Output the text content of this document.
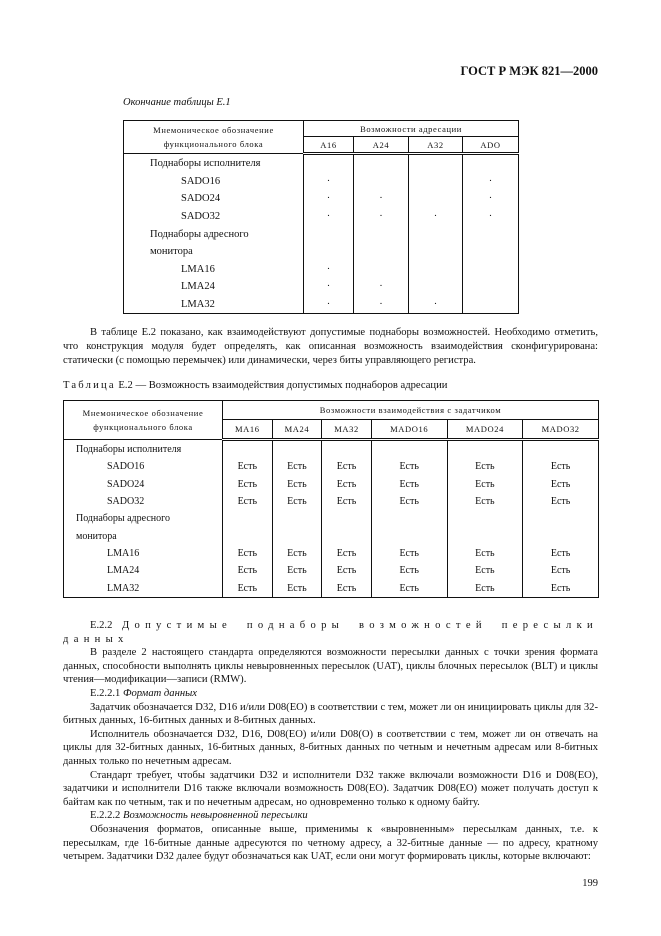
ГОСТ Р МЭК 821—2000
Окончание таблицы Е.1
Мнемоническое обозначение функционального блока	Возможности адресации			
	A16	A24	A32	ADO
Поднаборы исполнителя				
SADO16	·			·
SADO24	·	·		·
SADO32	·	·	·	·
Поднаборы адресного				
монитора				
LMA16	·			
LMA24	·	·		
LMA32	·	·	·	
В таблице Е.2 показано, как взаимодействуют допустимые поднаборы возможностей. Необходимо отметить, что конструкция модуля будет определять, как описанная возможность взаимодействия сконфигурирована: статически (с помощью перемычек) или динамически, через биты управляющего регистра.
Таблица Е.2 — Возможность взаимодействия допустимых поднаборов адресации
Мнемоническое обозначение функционального блока	Возможности взаимодействия с задатчиком					
	MA16	MA24	MA32	MADO16	MADO24	MADO32
Поднаборы исполнителя						
SADO16	Есть	Есть	Есть	Есть	Есть	Есть
SADO24	Есть	Есть	Есть	Есть	Есть	Есть
SADO32	Есть	Есть	Есть	Есть	Есть	Есть
Поднаборы адресного						
монитора						
LMA16	Есть	Есть	Есть	Есть	Есть	Есть
LMA24	Есть	Есть	Есть	Есть	Есть	Есть
LMA32	Есть	Есть	Есть	Есть	Есть	Есть
Е.2.2 Допустимые поднаборы возможностей пересылки данных
В разделе 2 настоящего стандарта определяются возможности пересылки данных с точки зрения формата данных, способности выполнять циклы невыровненных пересылок (UAT), циклы блочных пересылок (BLT) и циклы чтения—модификации—записи (RMW).
Е.2.2.1 Формат данных
Задатчик обозначается D32, D16 и/или D08(EO) в соответствии с тем, может ли он инициировать циклы для 32-битных данных, 16-битных данных и 8-битных данных.
Исполнитель обозначается D32, D16, D08(EO) и/или D08(O) в соответствии с тем, может ли он отвечать на циклы для 32-битных данных, 16-битных данных, 8-битных данных по четным и нечетным адресам или 8-битных данных только по нечетным адресам.
Стандарт требует, чтобы задатчики D32 и исполнители D32 также включали возможности D16 и D08(EO), задатчики и исполнители D16 также включали возможность D08(EO). Задатчик D08(EO) может получать доступ к байтам как по четным, так и по нечетным адресам, но одновременно только к одному байту.
Е.2.2.2 Возможность невыровненной пересылки
Обозначения форматов, описанные выше, применимы к «выровненным» пересылкам данных, т.е. к пересылкам, где 16-битные данные адресуются по четному адресу, а 32-битные данные — по адресу, кратному четырем. Задатчики D32 далее будут обозначаться как UAT, если они могут формировать циклы, которые включают:
199
